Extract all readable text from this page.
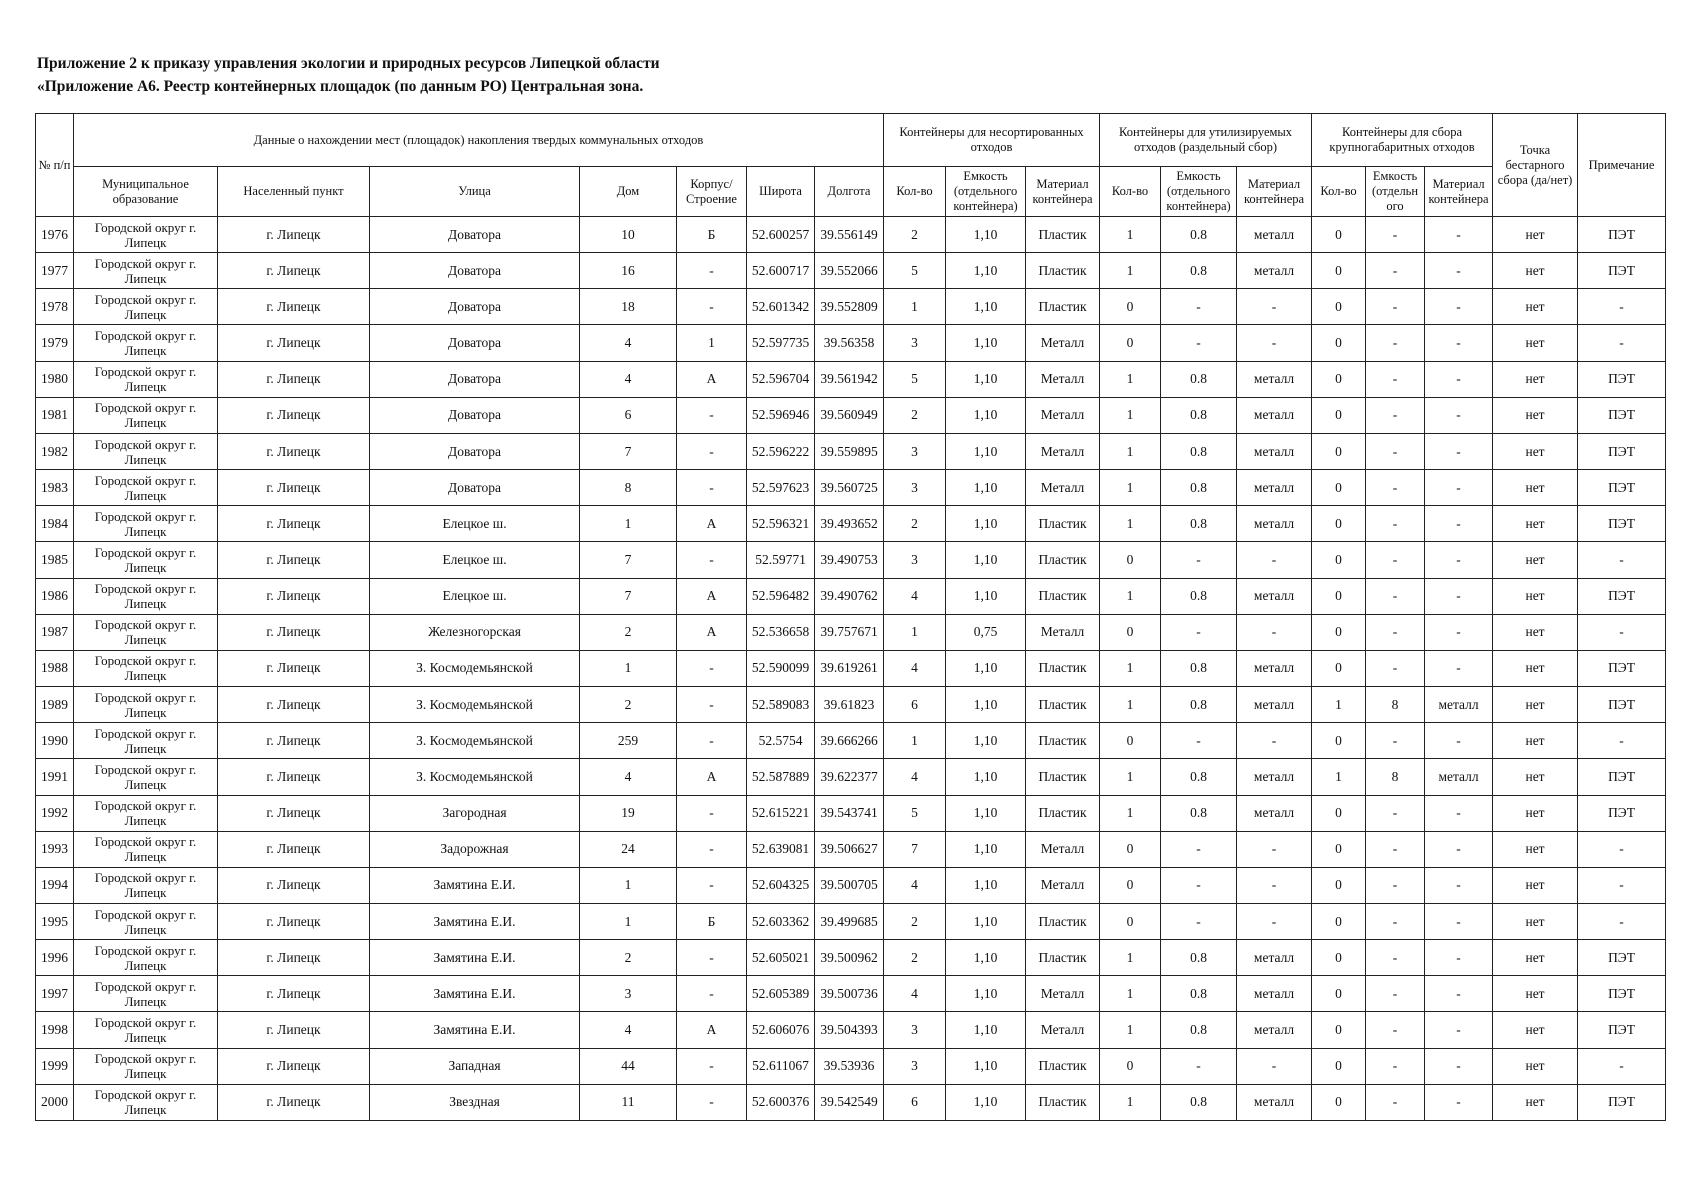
Приложение 2 к приказу управления экологии и природных ресурсов Липецкой области
«Приложение А6. Реестр контейнерных площадок (по данным РО) Центральная зона.
№ п/п	Данные о нахождении мест (площадок) накопления твердых коммунальных отходов							Контейнеры для несортированных отходов			Контейнеры для утилизируемых отходов (раздельный сбор)			Контейнеры для сбора крупногабаритных отходов			Точка бестарного сбора (да/нет)	Примечание
	Муниципальное образование	Населенный пункт	Улица	Дом	Корпус/ Строение	Широта	Долгота	Кол-во	Емкость (отдельного контейнера)	Материал контейнера	Кол-во	Емкость (отдельного контейнера)	Материал контейнера	Кол-во	Емкость (отдельн ого	Материал контейнера		
1976	Городской округ г. Липецк	г. Липецк	Доватора	10	Б	52.600257	39.556149	2	1,10	Пластик	1	0.8	металл	0	-	-	нет	ПЭТ
1977	Городской округ г. Липецк	г. Липецк	Доватора	16	-	52.600717	39.552066	5	1,10	Пластик	1	0.8	металл	0	-	-	нет	ПЭТ
1978	Городской округ г. Липецк	г. Липецк	Доватора	18	-	52.601342	39.552809	1	1,10	Пластик	0	-	-	0	-	-	нет	-
1979	Городской округ г. Липецк	г. Липецк	Доватора	4	1	52.597735	39.56358	3	1,10	Металл	0	-	-	0	-	-	нет	-
1980	Городской округ г. Липецк	г. Липецк	Доватора	4	А	52.596704	39.561942	5	1,10	Металл	1	0.8	металл	0	-	-	нет	ПЭТ
1981	Городской округ г. Липецк	г. Липецк	Доватора	6	-	52.596946	39.560949	2	1,10	Металл	1	0.8	металл	0	-	-	нет	ПЭТ
1982	Городской округ г. Липецк	г. Липецк	Доватора	7	-	52.596222	39.559895	3	1,10	Металл	1	0.8	металл	0	-	-	нет	ПЭТ
1983	Городской округ г. Липецк	г. Липецк	Доватора	8	-	52.597623	39.560725	3	1,10	Металл	1	0.8	металл	0	-	-	нет	ПЭТ
1984	Городской округ г. Липецк	г. Липецк	Елецкое ш.	1	А	52.596321	39.493652	2	1,10	Пластик	1	0.8	металл	0	-	-	нет	ПЭТ
1985	Городской округ г. Липецк	г. Липецк	Елецкое ш.	7	-	52.59771	39.490753	3	1,10	Пластик	0	-	-	0	-	-	нет	-
1986	Городской округ г. Липецк	г. Липецк	Елецкое ш.	7	А	52.596482	39.490762	4	1,10	Пластик	1	0.8	металл	0	-	-	нет	ПЭТ
1987	Городской округ г. Липецк	г. Липецк	Железногорская	2	А	52.536658	39.757671	1	0,75	Металл	0	-	-	0	-	-	нет	-
1988	Городской округ г. Липецк	г. Липецк	З. Космодемьянской	1	-	52.590099	39.619261	4	1,10	Пластик	1	0.8	металл	0	-	-	нет	ПЭТ
1989	Городской округ г. Липецк	г. Липецк	З. Космодемьянской	2	-	52.589083	39.61823	6	1,10	Пластик	1	0.8	металл	1	8	металл	нет	ПЭТ
1990	Городской округ г. Липецк	г. Липецк	З. Космодемьянской	259	-	52.5754	39.666266	1	1,10	Пластик	0	-	-	0	-	-	нет	-
1991	Городской округ г. Липецк	г. Липецк	З. Космодемьянской	4	А	52.587889	39.622377	4	1,10	Пластик	1	0.8	металл	1	8	металл	нет	ПЭТ
1992	Городской округ г. Липецк	г. Липецк	Загородная	19	-	52.615221	39.543741	5	1,10	Пластик	1	0.8	металл	0	-	-	нет	ПЭТ
1993	Городской округ г. Липецк	г. Липецк	Задорожная	24	-	52.639081	39.506627	7	1,10	Металл	0	-	-	0	-	-	нет	-
1994	Городской округ г. Липецк	г. Липецк	Замятина Е.И.	1	-	52.604325	39.500705	4	1,10	Металл	0	-	-	0	-	-	нет	-
1995	Городской округ г. Липецк	г. Липецк	Замятина Е.И.	1	Б	52.603362	39.499685	2	1,10	Пластик	0	-	-	0	-	-	нет	-
1996	Городской округ г. Липецк	г. Липецк	Замятина Е.И.	2	-	52.605021	39.500962	2	1,10	Пластик	1	0.8	металл	0	-	-	нет	ПЭТ
1997	Городской округ г. Липецк	г. Липецк	Замятина Е.И.	3	-	52.605389	39.500736	4	1,10	Металл	1	0.8	металл	0	-	-	нет	ПЭТ
1998	Городской округ г. Липецк	г. Липецк	Замятина Е.И.	4	А	52.606076	39.504393	3	1,10	Металл	1	0.8	металл	0	-	-	нет	ПЭТ
1999	Городской округ г. Липецк	г. Липецк	Западная	44	-	52.611067	39.53936	3	1,10	Пластик	0	-	-	0	-	-	нет	-
2000	Городской округ г. Липецк	г. Липецк	Звездная	11	-	52.600376	39.542549	6	1,10	Пластик	1	0.8	металл	0	-	-	нет	ПЭТ
